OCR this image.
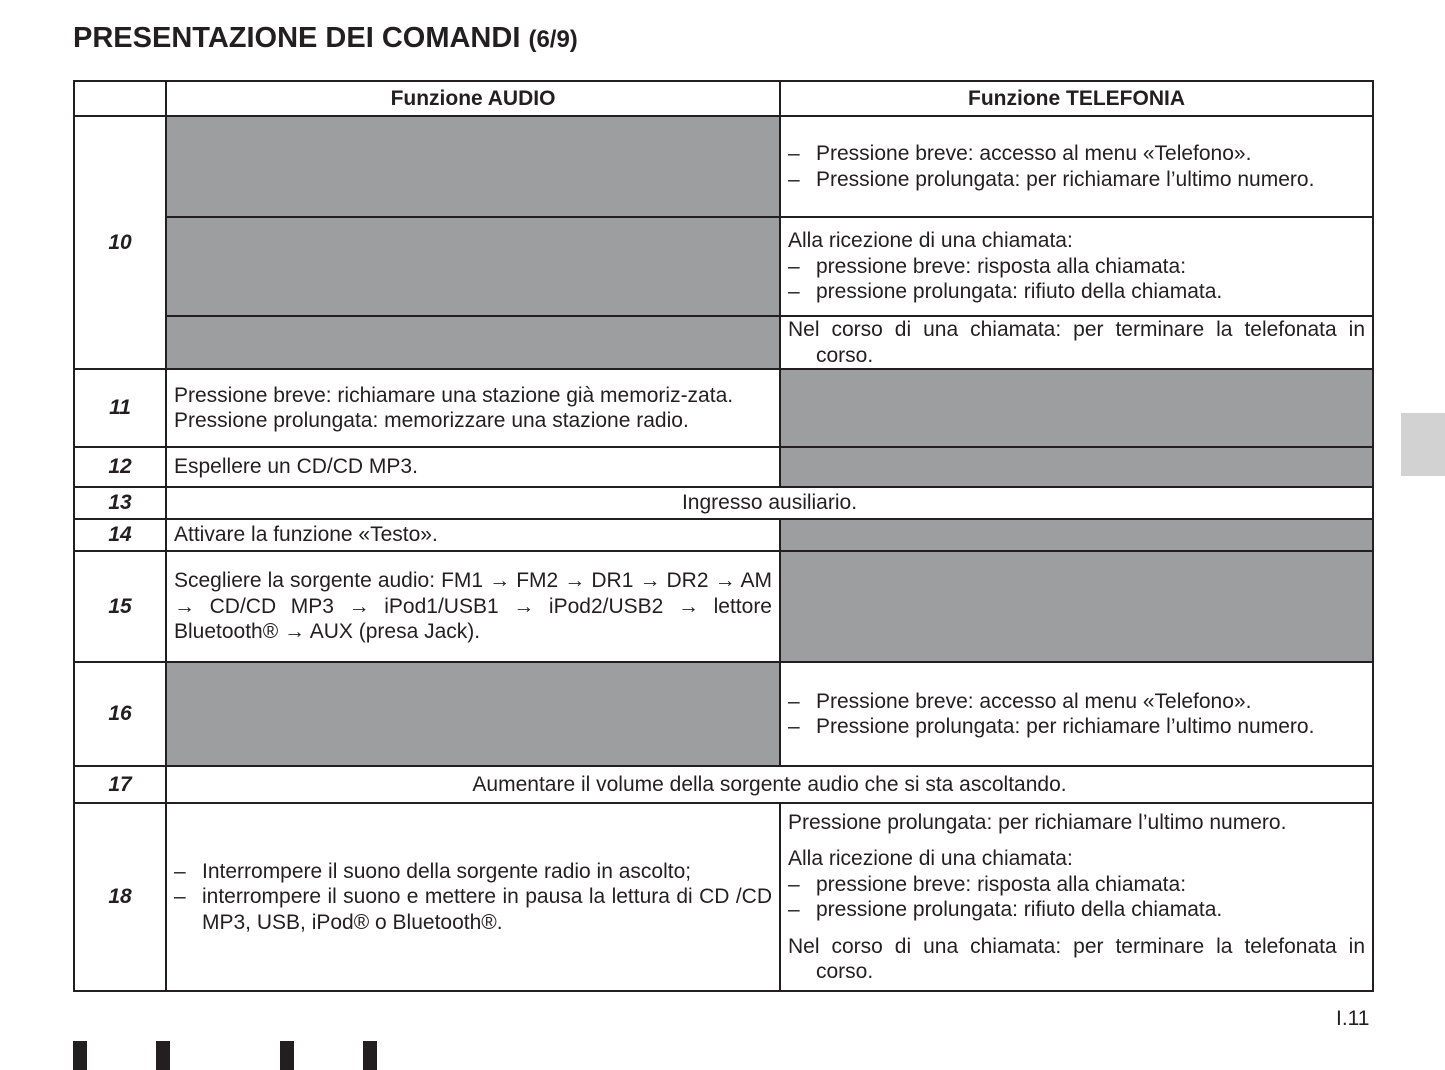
PRESENTAZIONE DEI COMANDI (6/9)
	Funzione AUDIO	Funzione TELEFONIA
10		– Pressione breve: accesso al menu «Telefono».
– Pressione prolungata: per richiamare l’ultimo numero.

		Alla ricezione di una chiamata:
– pressione breve: risposta alla chiamata:
– pressione prolungata: rifiuto della chiamata.

		Nel corso di una chiamata: per terminare la telefonata in corso.

11	Pressione breve: richiamare una stazione già memoriz-zata.
Pressione prolungata: memorizzare una stazione radio.	

12	Espellere un CD/CD MP3.	
13	Ingresso ausiliario.	
14	Attivare la funzione «Testo».	
15	Scegliere la sorgente audio: FM1 → FM2 → DR1 → DR2 → AM → CD/CD MP3 → iPod1/USB1 → iPod2/USB2 → lettore Bluetooth® → AUX (presa Jack).	
16		– Pressione breve: accesso al menu «Telefono».
– Pressione prolungata: per richiamare l’ultimo numero.

17	Aumentare il volume della sorgente audio che si sta ascoltando.	
18	– Interrompere il suono della sorgente radio in ascolto;
– interrompere il suono e mettere in pausa la lettura di CD /CD MP3, USB, iPod® o Bluetooth®.	Pressione prolungata: per richiamare l’ultimo numero.
Alla ricezione di una chiamata:
– pressione breve: risposta alla chiamata:
– pressione prolungata: rifiuto della chiamata.
Nel corso di una chiamata: per terminare la telefonata in corso.
I.11
